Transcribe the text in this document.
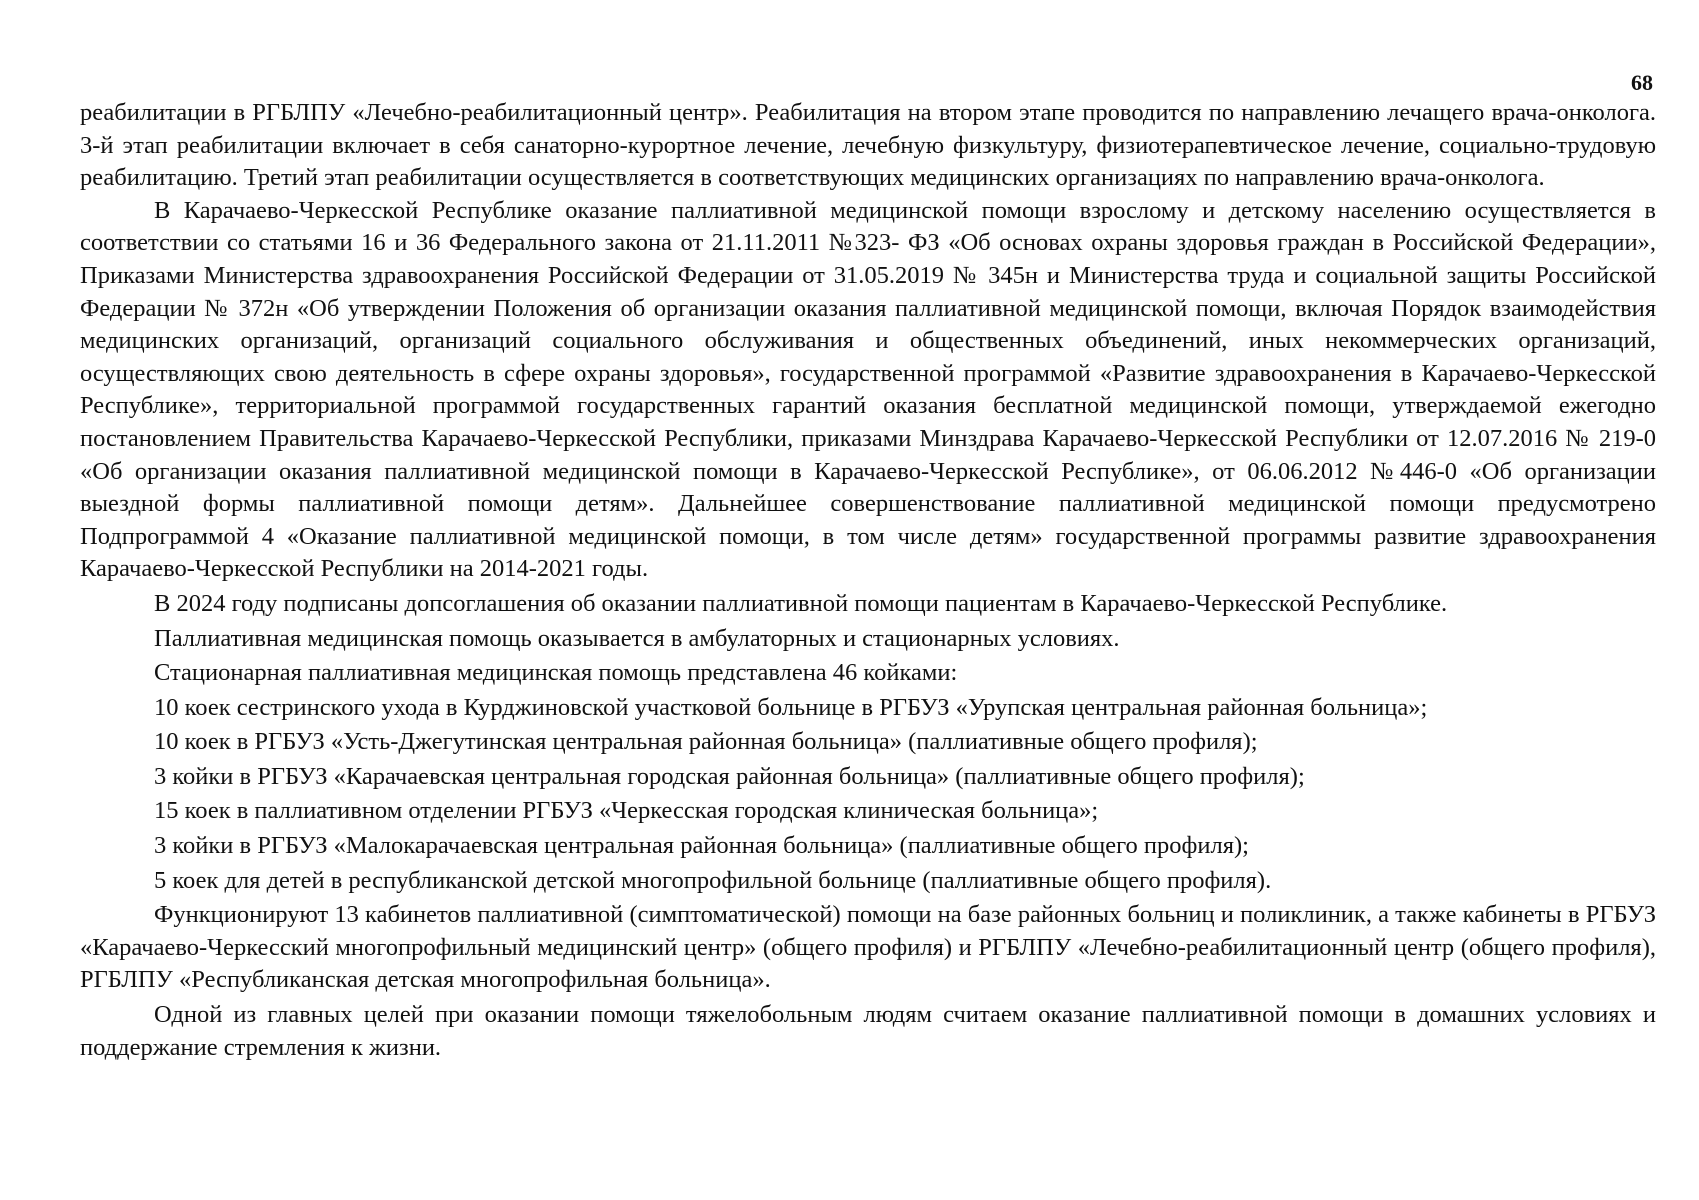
68

реабилитации в РГБЛПУ «Лечебно-реабилитационный центр». Реабилитация на втором этапе проводится по направлению лечащего врача-онколога. 3-й этап реабилитации включает в себя санаторно-курортное лечение, лечебную физкультуру, физиотерапевтическое лечение, социально-трудовую реабилитацию. Третий этап реабилитации осуществляется в соответствующих медицинских организациях по направлению врача-онколога.

В Карачаево-Черкесской Республике оказание паллиативной медицинской помощи взрослому и детскому населению осуществляется в соответствии со статьями 16 и 36 Федерального закона от 21.11.2011 №323- ФЗ «Об основах охраны здоровья граждан в Российской Федерации», Приказами Министерства здравоохранения Российской Федерации от 31.05.2019 № 345н и Министерства труда и социальной защиты Российской Федерации № 372н «Об утверждении Положения об организации оказания паллиативной медицинской помощи, включая Порядок взаимодействия медицинских организаций, организаций социального обслуживания и общественных объединений, иных некоммерческих организаций, осуществляющих свою деятельность в сфере охраны здоровья», государственной программой «Развитие здравоохранения в Карачаево-Черкесской Республике», территориальной программой государственных гарантий оказания бесплатной медицинской помощи, утверждаемой ежегодно постановлением Правительства Карачаево-Черкесской Республики, приказами Минздрава Карачаево-Черкесской Республики от 12.07.2016 № 219-0 «Об организации оказания паллиативной медицинской помощи в Карачаево-Черкесской Республике», от 06.06.2012 №446-0 «Об организации выездной формы паллиативной помощи детям». Дальнейшее совершенствование паллиативной медицинской помощи предусмотрено Подпрограммой 4 «Оказание паллиативной медицинской помощи, в том числе детям» государственной программы развитие здравоохранения Карачаево-Черкесской Республики на 2014-2021 годы.

В 2024 году подписаны допсоглашения об оказании паллиативной помощи пациентам в Карачаево-Черкесской Республике.

Паллиативная медицинская помощь оказывается в амбулаторных и стационарных условиях.

Стационарная паллиативная медицинская помощь представлена 46 койками:

10 коек сестринского ухода в Курджиновской участковой больнице в РГБУЗ «Урупская центральная районная больница»;

10 коек в РГБУЗ «Усть-Джегутинская центральная районная больница» (паллиативные общего профиля);

3 койки в РГБУЗ «Карачаевская центральная городская районная больница» (паллиативные общего профиля);

15 коек в паллиативном отделении РГБУЗ «Черкесская городская клиническая больница»;

3 койки в РГБУЗ «Малокарачаевская центральная районная больница» (паллиативные общего профиля);

5 коек для детей в республиканской детской многопрофильной больнице (паллиативные общего профиля).

Функционируют 13 кабинетов паллиативной (симптоматической) помощи на базе районных больниц и поликлиник, а также кабинеты в РГБУЗ «Карачаево-Черкесский многопрофильный медицинский центр» (общего профиля) и РГБЛПУ «Лечебно-реабилитационный центр (общего профиля), РГБЛПУ «Республиканская детская многопрофильная больница».

Одной из главных целей при оказании помощи тяжелобольным людям считаем оказание паллиативной помощи в домашних условиях и поддержание стремления к жизни.
